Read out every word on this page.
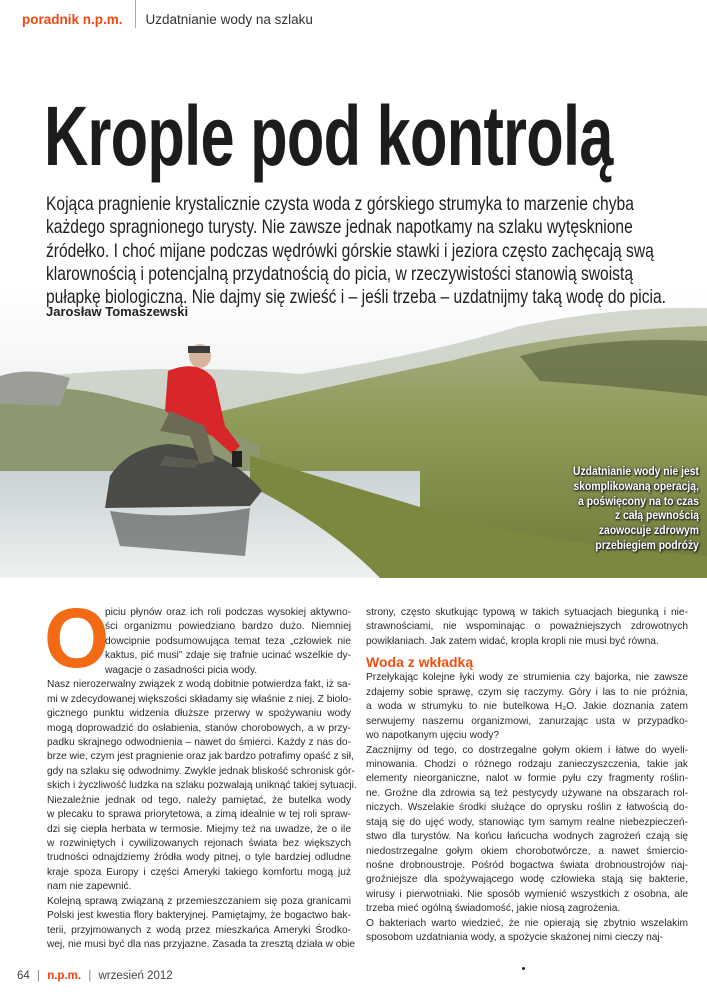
poradnik n.p.m. Uzdatnianie wody na szlaku
Krople pod kontrolą
Kojąca pragnienie krystalicznie czysta woda z górskiego strumyka to marzenie chyba
każdego spragnionego turysty. Nie zawsze jednak napotkamy na szlaku wytęsknione
źródełko. I choć mijane podczas wędrówki górskie stawki i jeziora często zachęcają swą
klarownością i potencjalną przydatnością do picia, w rzeczywistości stanowią swoistą
pułapkę biologiczną. Nie dajmy się zwieść i – jeśli trzeba – uzdatnijmy taką wodę do picia.
Jarosław Tomaszewski
Uzdatnianie wody nie jest
skomplikowaną operacją,
a poświęcony na to czas
z całą pewnością
zaowocuje zdrowym
przebiegiem podróży
O
piciu płynów oraz ich roli podczas wysokiej aktywno-
ści organizmu powiedziano bardzo dużo. Niemniej
dowcipnie podsumowująca temat teza „człowiek nie
kaktus, pić musi” zdaje się trafnie ucinać wszelkie dy-
wagacje o zasadności picia wody.
Nasz nierozerwalny związek z wodą dobitnie potwierdza fakt, iż sa-
mi w zdecydowanej większości składamy się właśnie z niej. Z biolo-
gicznego punktu widzenia dłuższe przerwy w spożywaniu wody
mogą doprowadzić do osłabienia, stanów chorobowych, a w przy-
padku skrajnego odwodnienia – nawet do śmierci. Każdy z nas do-
brze wie, czym jest pragnienie oraz jak bardzo potrafimy opaść z sił,
gdy na szlaku się odwodnimy. Zwykle jednak bliskość schronisk gór-
skich i życzliwość ludzka na szlaku pozwalają uniknąć takiej sytuacji.
Niezależnie jednak od tego, należy pamiętać, że butelka wody
w plecaku to sprawa priorytetowa, a zimą idealnie w tej roli spraw-
dzi się ciepła herbata w termosie. Miejmy też na uwadze, że o ile
w rozwiniętych i cywilizowanych rejonach świata bez większych
trudności odnajdziemy źródła wody pitnej, o tyle bardziej odludne
kraje spoza Europy i części Ameryki takiego komfortu mogą już
nam nie zapewnić.
Kolejną sprawą związaną z przemieszczaniem się poza granicami
Polski jest kwestia flory bakteryjnej. Pamiętajmy, że bogactwo bak-
terii, przyjmowanych z wodą przez mieszkańca Ameryki Środko-
wej, nie musi być dla nas przyjazne. Zasada ta zresztą działa w obie
strony, często skutkując typową w takich sytuacjach biegunką i nie-
strawnościami, nie wspominając o poważniejszych zdrowotnych
powikłaniach. Jak zatem widać, kropla kropli nie musi być równa.
Woda z wkładką
Przełykając kolejne łyki wody ze strumienia czy bajorka, nie zawsze
zdajemy sobie sprawę, czym się raczymy. Góry i las to nie próżnia,
a woda w strumyku to nie butelkowa H₂O. Jakie doznania zatem
serwujemy naszemu organizmowi, zanurzając usta w przypadko-
wo napotkanym ujęciu wody?
Zacznijmy od tego, co dostrzegalne gołym okiem i łatwe do wyeli-
minowania. Chodzi o różnego rodzaju zanieczyszczenia, takie jak
elementy nieorganiczne, nalot w formie pyłu czy fragmenty roślin-
ne. Groźne dla zdrowia są też pestycydy używane na obszarach rol-
niczych. Wszelakie środki służące do oprysku roślin z łatwością do-
stają się do ujęć wody, stanowiąc tym samym realne niebezpieczeń-
stwo dla turystów. Na końcu łańcucha wodnych zagrożeń czają się
niedostrzegalne gołym okiem chorobotwórcze, a nawet śmiercio-
nośne drobnoustroje. Pośród bogactwa świata drobnoustrojów naj-
groźniejsze dla spożywającego wodę człowieka stają się bakterie,
wirusy i pierwotniaki. Nie sposób wymienić wszystkich z osobna, ale
trzeba mieć ogólną świadomość, jakie niosą zagrożenia.
O bakteriach warto wiedzieć, że nie opierają się zbytnio wszelakim
sposobom uzdatniania wody, a spożycie skażonej nimi cieczy naj-
64 | n.p.m. | wrzesień 2012
